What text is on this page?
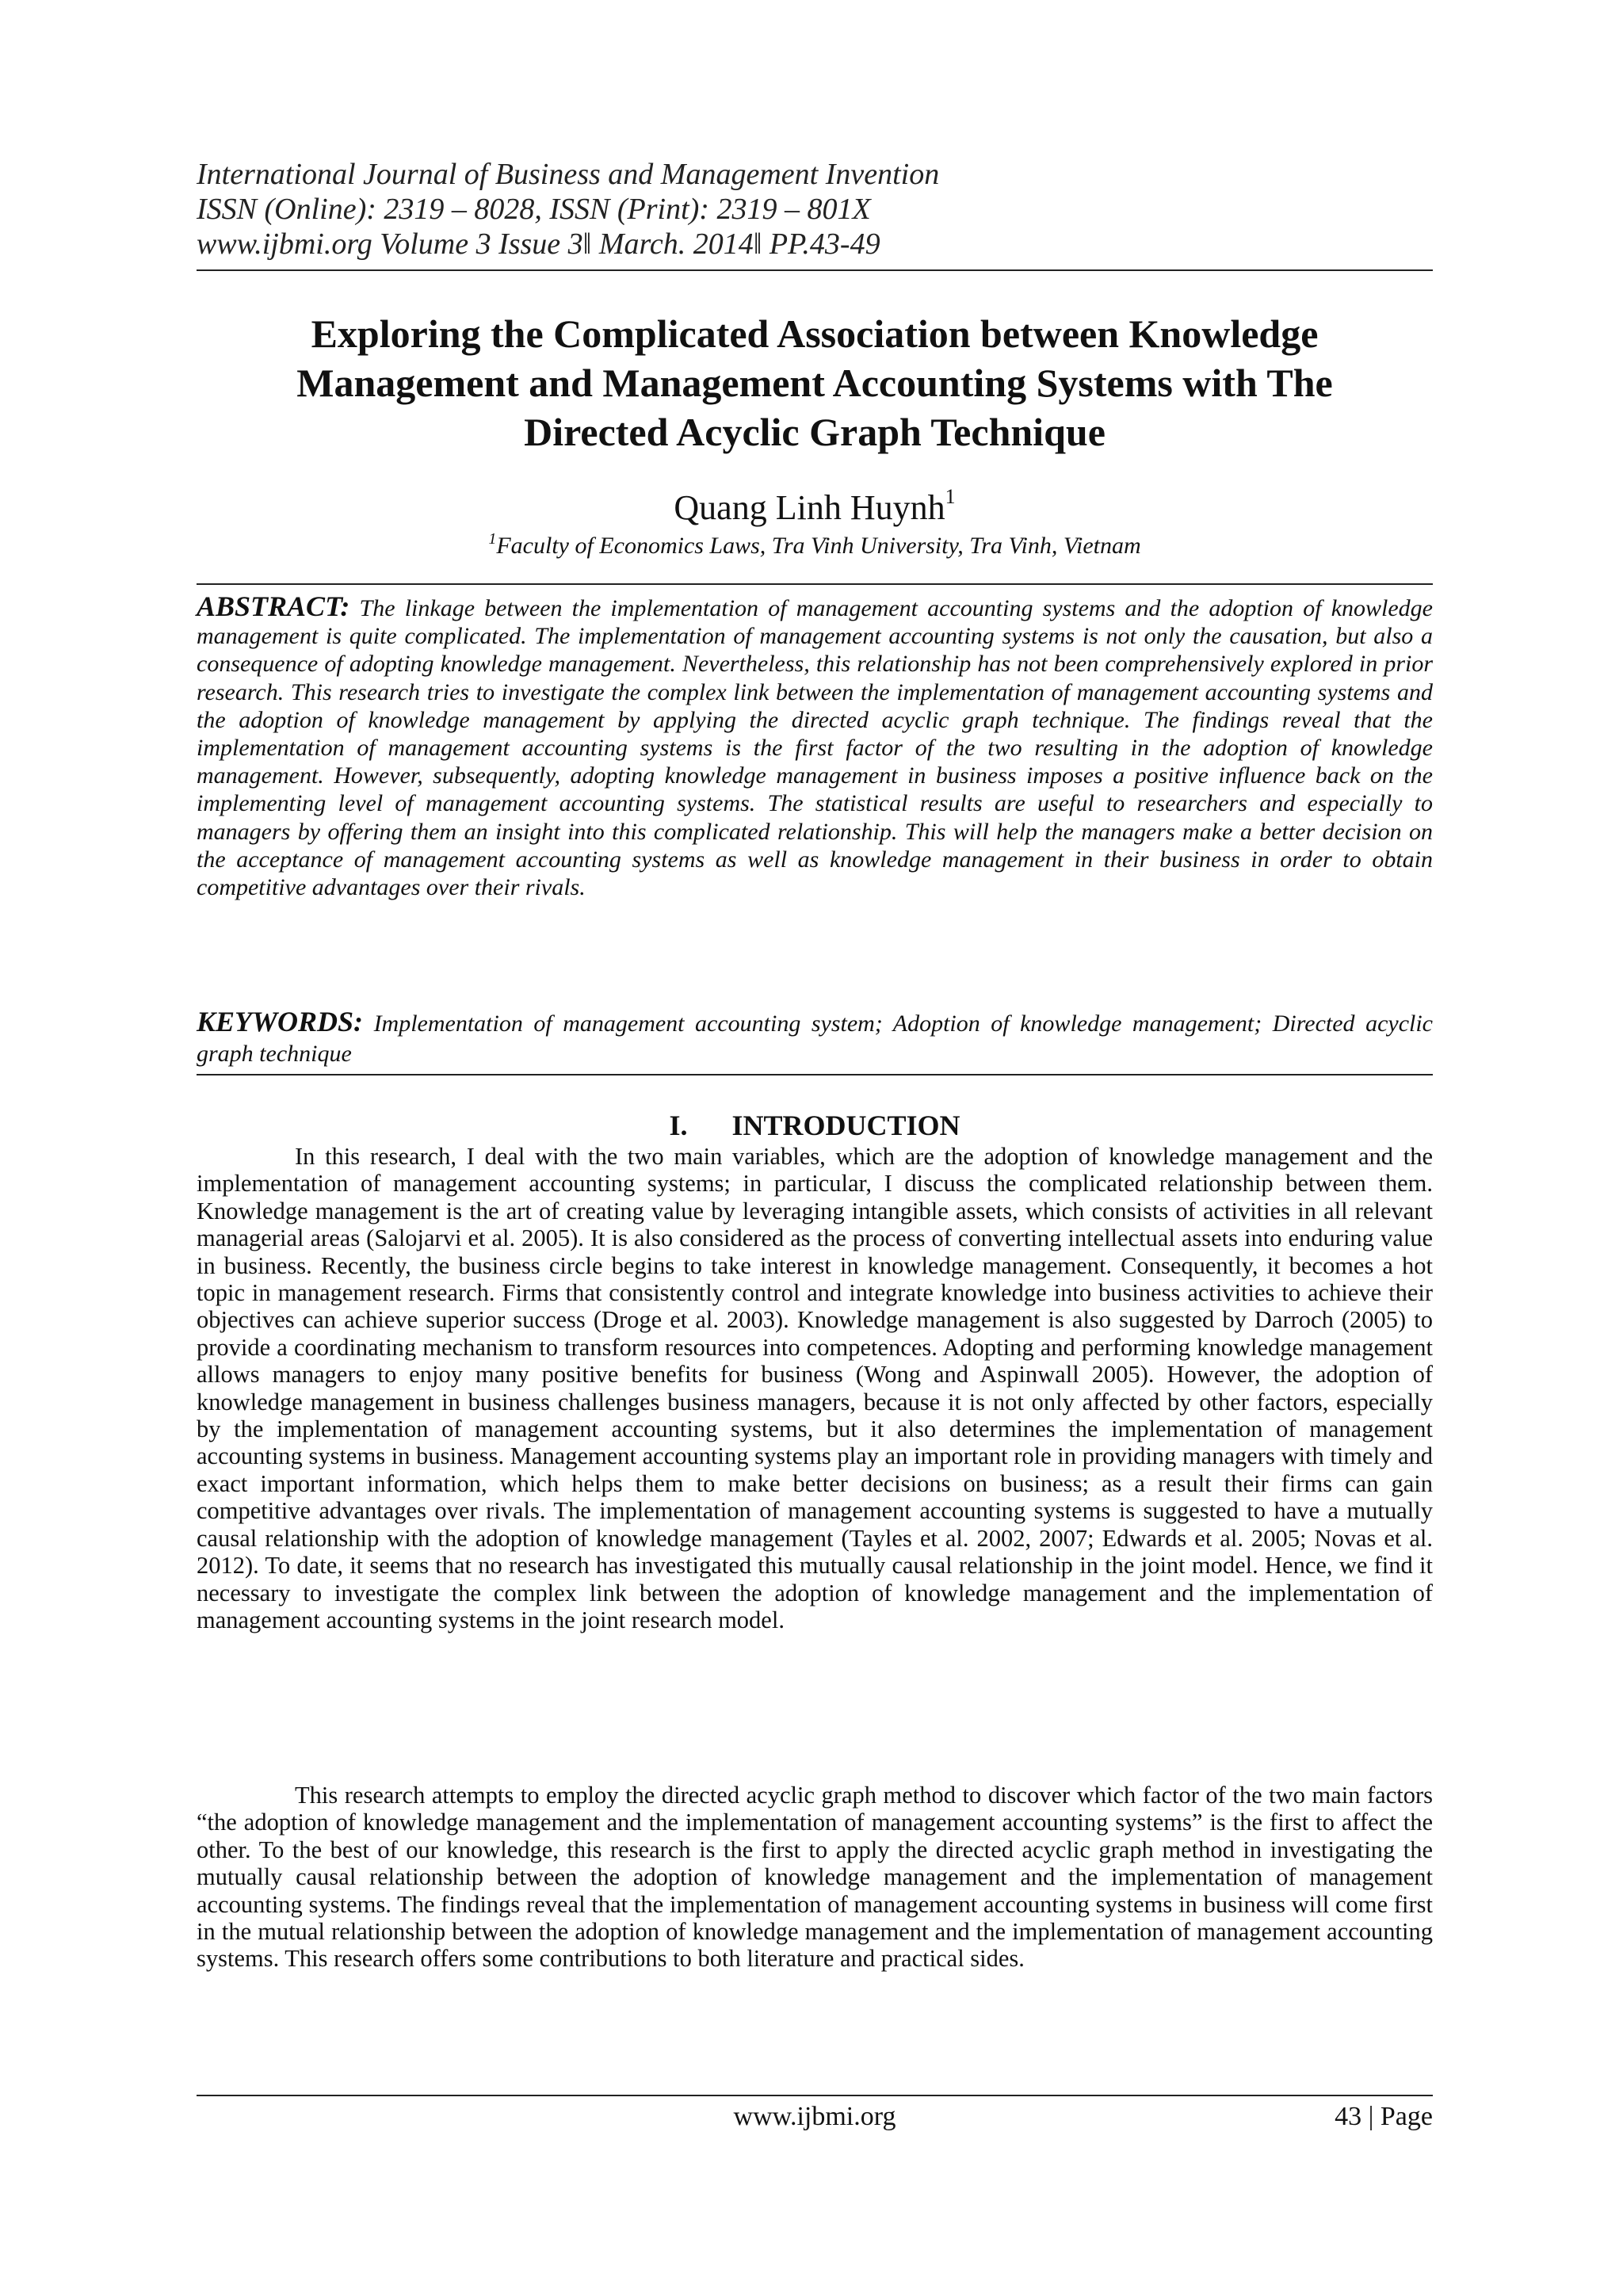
International Journal of Business and Management Invention
ISSN (Online): 2319 – 8028, ISSN (Print): 2319 – 801X
www.ijbmi.org Volume 3 Issue 3‖ March. 2014‖ PP.43-49
Exploring the Complicated Association between Knowledge
Management and Management Accounting Systems with The
Directed Acyclic Graph Technique
Quang Linh Huynh$^1$
$^1$Faculty of Economics Laws, Tra Vinh University, Tra Vinh, Vietnam
ABSTRACT: The linkage between the implementation of management accounting systems and the adoption of knowledge management is quite complicated. The implementation of management accounting systems is not only the causation, but also a consequence of adopting knowledge management. Nevertheless, this relationship has not been comprehensively explored in prior research. This research tries to investigate the complex link between the implementation of management accounting systems and the adoption of knowledge management by applying the directed acyclic graph technique. The findings reveal that the implementation of management accounting systems is the first factor of the two resulting in the adoption of knowledge management. However, subsequently, adopting knowledge management in business imposes a positive influence back on the implementing level of management accounting systems. The statistical results are useful to researchers and especially to managers by offering them an insight into this complicated relationship. This will help the managers make a better decision on the acceptance of management accounting systems as well as knowledge management in their business in order to obtain competitive advantages over their rivals.
KEYWORDS: Implementation of management accounting system; Adoption of knowledge management; Directed acyclic graph technique
I. INTRODUCTION

In this research, I deal with the two main variables, which are the adoption of knowledge management and the implementation of management accounting systems; in particular, I discuss the complicated relationship between them. Knowledge management is the art of creating value by leveraging intangible assets, which consists of activities in all relevant managerial areas (Salojarvi et al. 2005). It is also considered as the process of converting intellectual assets into enduring value in business. Recently, the business circle begins to take interest in knowledge management. Consequently, it becomes a hot topic in management research. Firms that consistently control and integrate knowledge into business activities to achieve their objectives can achieve superior success (Droge et al. 2003). Knowledge management is also suggested by Darroch (2005) to provide a coordinating mechanism to transform resources into competences. Adopting and performing knowledge management allows managers to enjoy many positive benefits for business (Wong and Aspinwall 2005). However, the adoption of knowledge management in business challenges business managers, because it is not only affected by other factors, especially by the implementation of management accounting systems, but it also determines the implementation of management accounting systems in business. Management accounting systems play an important role in providing managers with timely and exact important information, which helps them to make better decisions on business; as a result their firms can gain competitive advantages over rivals. The implementation of management accounting systems is suggested to have a mutually causal relationship with the adoption of knowledge management (Tayles et al. 2002, 2007; Edwards et al. 2005; Novas et al. 2012). To date, it seems that no research has investigated this mutually causal relationship in the joint model. Hence, we find it necessary to investigate the complex link between the adoption of knowledge management and the implementation of management accounting systems in the joint research model.

This research attempts to employ the directed acyclic graph method to discover which factor of the two main factors “the adoption of knowledge management and the implementation of management accounting systems” is the first to affect the other. To the best of our knowledge, this research is the first to apply the directed acyclic graph method in investigating the mutually causal relationship between the adoption of knowledge management and the implementation of management accounting systems. The findings reveal that the implementation of management accounting systems in business will come first in the mutual relationship between the adoption of knowledge management and the implementation of management accounting systems. This research offers some contributions to both literature and practical sides.

www.ijbmi.org	43 | Page
